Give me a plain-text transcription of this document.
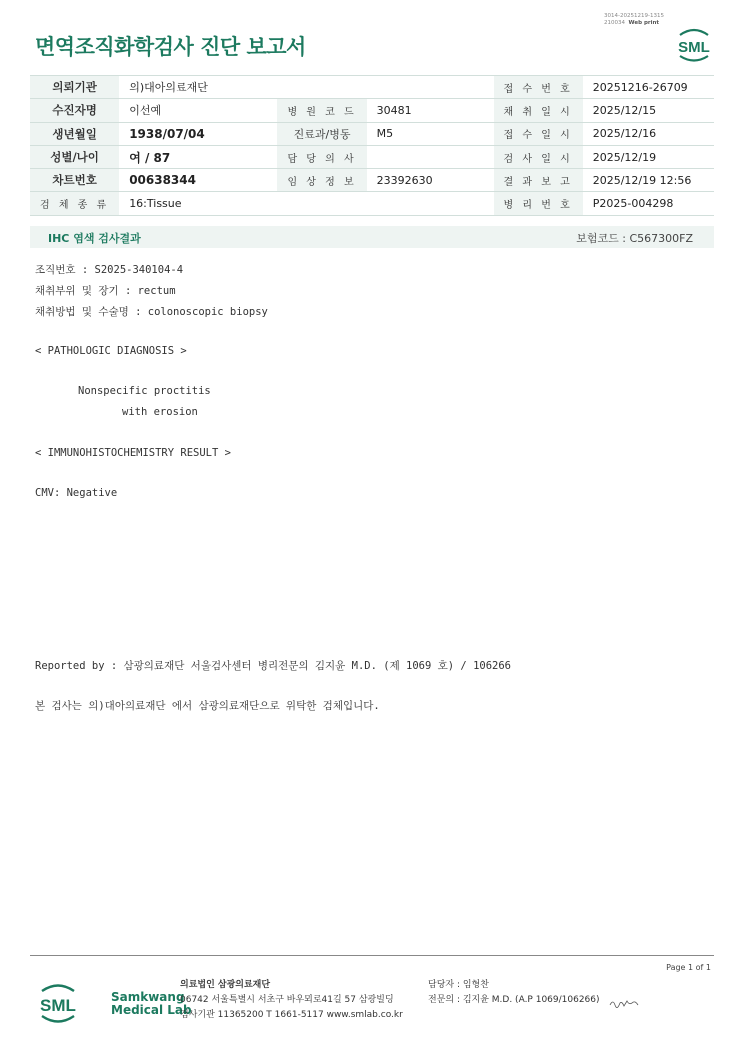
3014-20251219-1315
210034 Web print
면역조직화학검사 진단 보고서	SML
의뢰기관	의)대아의료재단			접 수 번 호	20251216-26709
수진자명	이선예	병 원 코 드	30481	채 취 일 시	2025/12/15
생년월일	1938/07/04	진료과/병동	M5	접 수 일 시	2025/12/16
성별/나이	여 / 87	담 당 의 사		검 사 일 시	2025/12/19
차트번호	00638344	임 상 정 보	23392630	결 과 보 고	2025/12/19 12:56
검 체 종 류	16:Tissue			병 리 번 호	P2025-004298
IHC 염색 검사결과	보험코드 : C567300FZ
조직번호 : S2025-340104-4
채취부위 및 장기 : rectum
채취방법 및 수술명 : colonoscopic biopsy
< PATHOLOGIC DIAGNOSIS >
Nonspecific proctitis
with erosion
< IMMUNOHISTOCHEMISTRY RESULT >
CMV: Negative
Reported by : 삼광의료재단 서울검사센터 병리전문의 김지윤 M.D. (제 1069 호) / 106266
본 검사는 의)대아의료재단 에서 삼광의료재단으로 위탁한 검체입니다.
Page 1 of 1
SML	Samkwang
Medical Lab
의료법인 삼광의료재단
06742 서울특별시 서초구 바우뫼로41길 57 삼광빌딩
검사기관 11365200 T 1661-5117 www.smlab.co.kr
담당자 : 임형찬
전문의 : 김지윤 M.D. (A.P 1069/106266)
